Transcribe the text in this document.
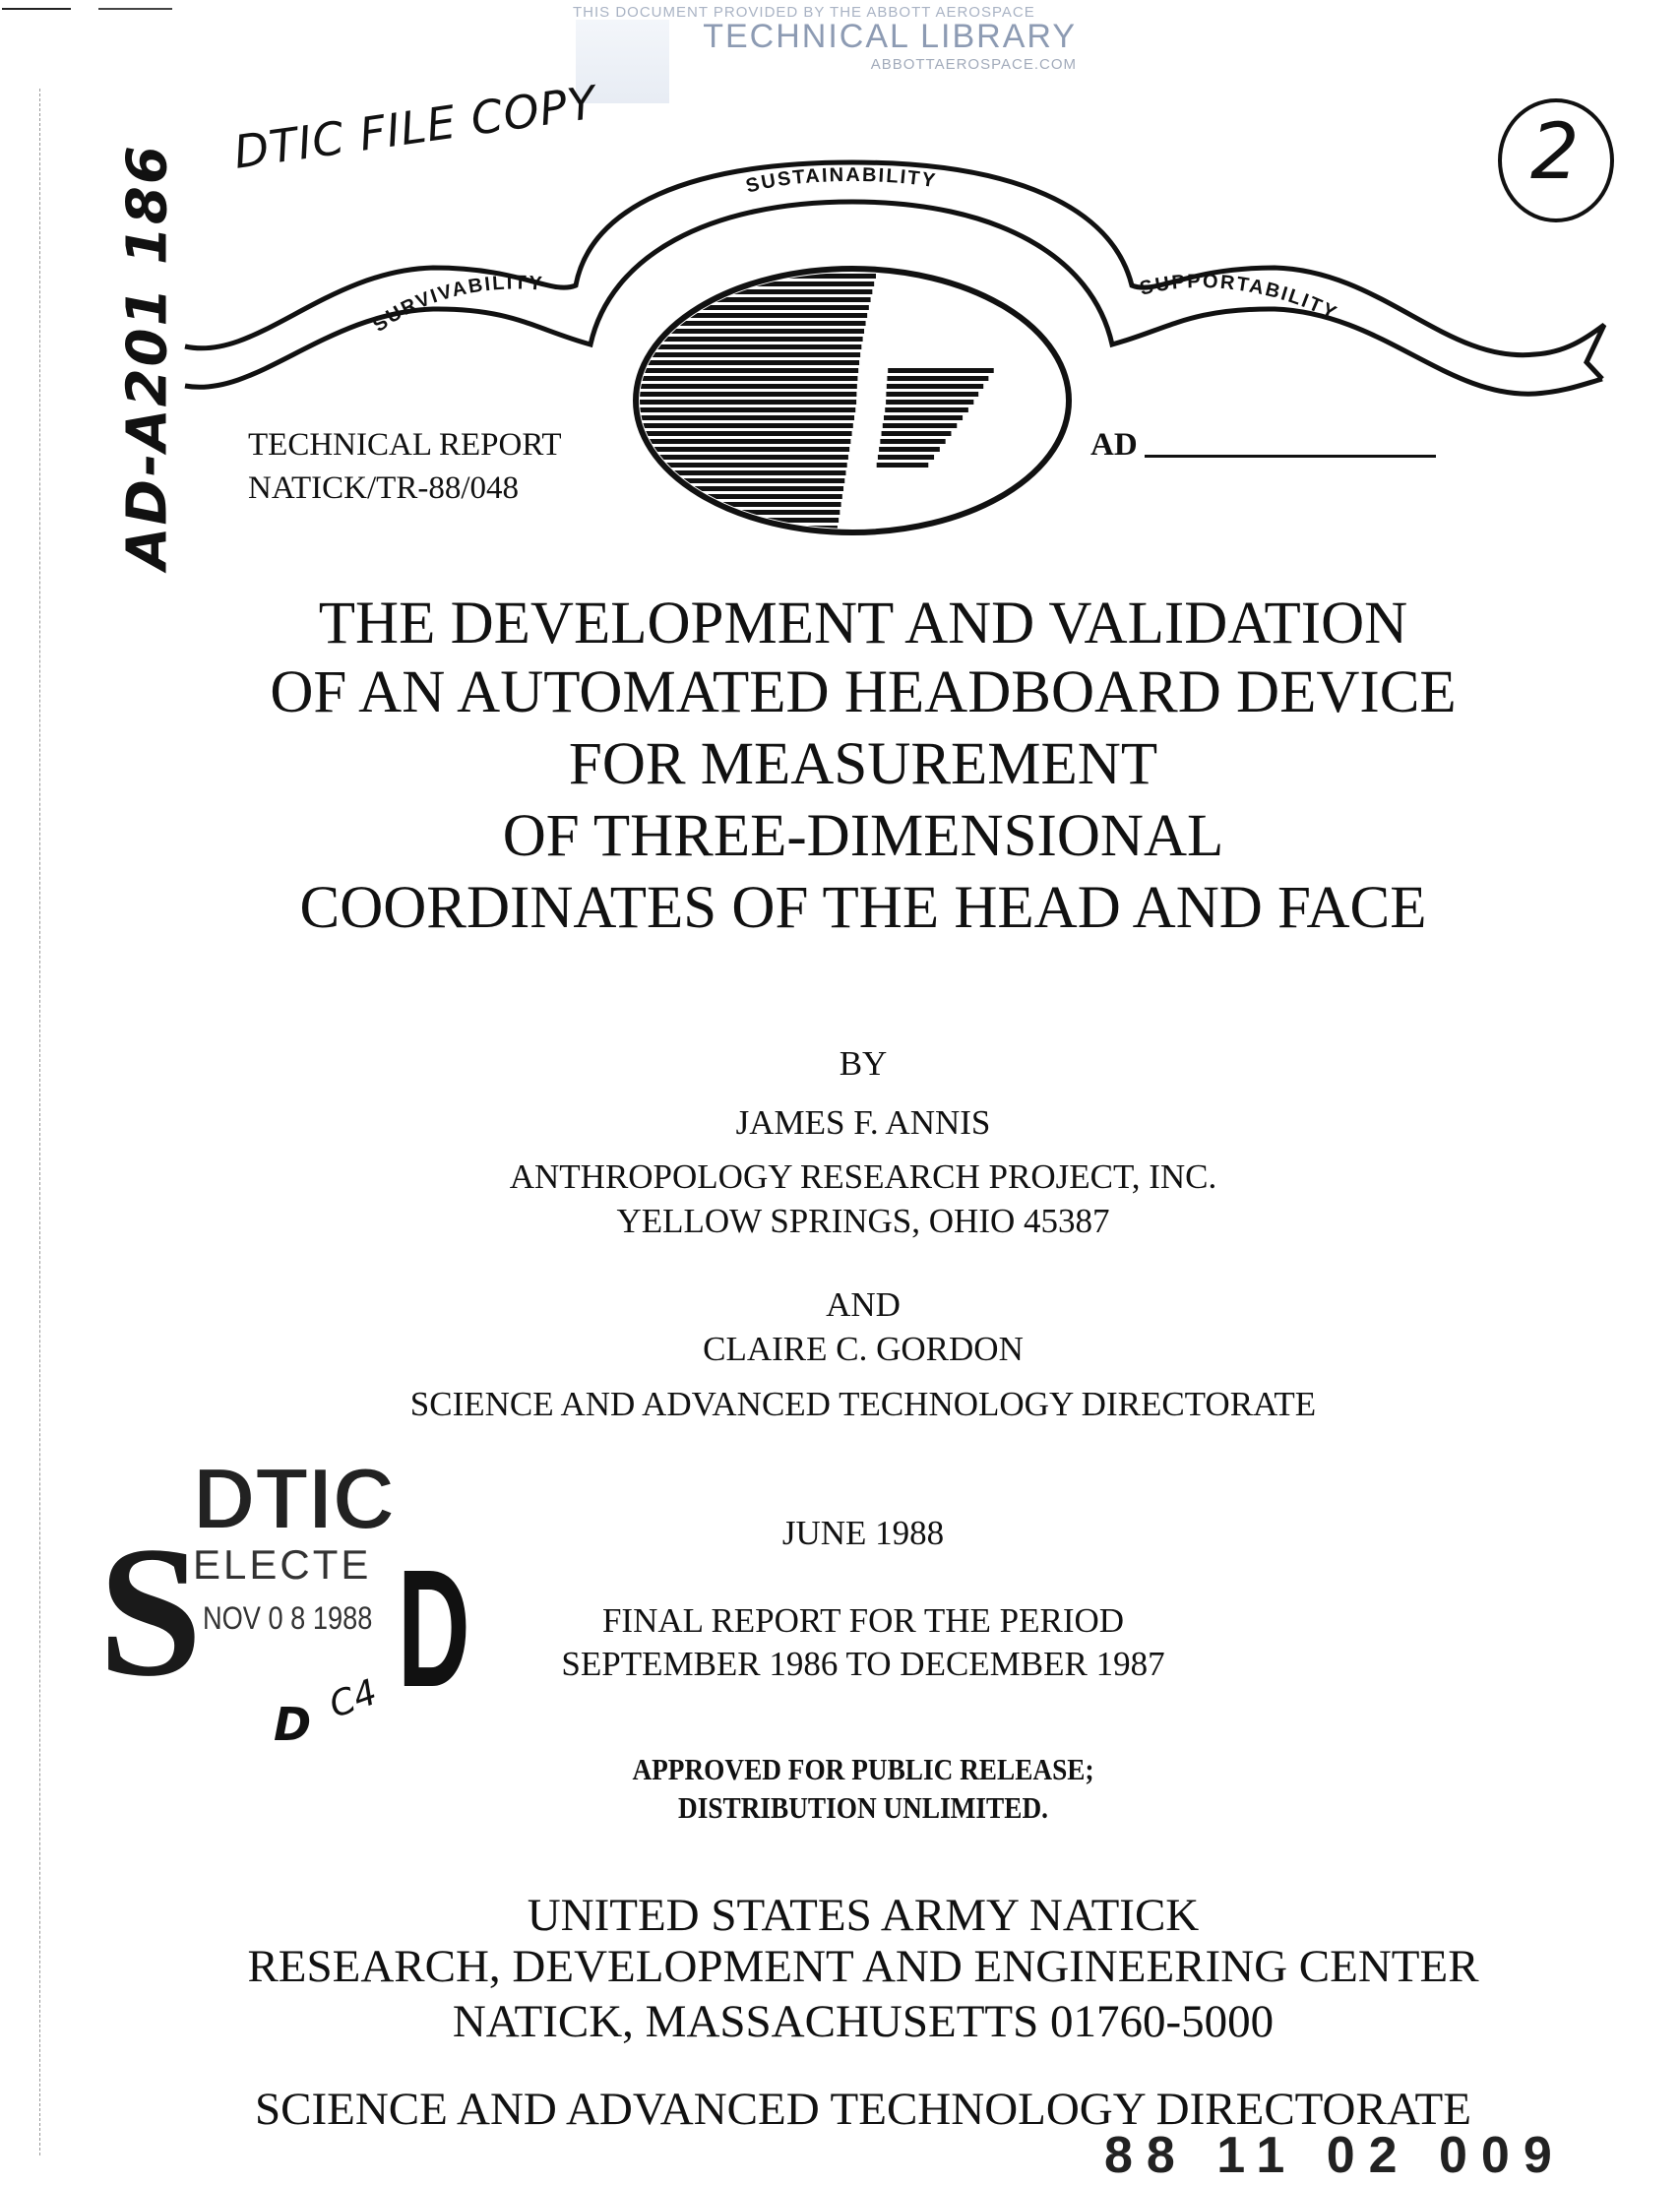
THIS DOCUMENT PROVIDED BY THE ABBOTT AEROSPACE
TECHNICAL LIBRARY
ABBOTTAEROSPACE.COM
AD-A201 186
DTIC FILE COPY	2
SURVIVABILITY
SUSTAINABILITY
SUPPORTABILITY
TECHNICAL REPORT
NATICK/TR-88/048
AD
THE DEVELOPMENT AND VALIDATION
OF AN AUTOMATED HEADBOARD DEVICE
FOR MEASUREMENT
OF THREE-DIMENSIONAL
COORDINATES OF THE HEAD AND FACE
BY
JAMES F. ANNIS
ANTHROPOLOGY RESEARCH PROJECT, INC.
YELLOW SPRINGS, OHIO 45387
AND
CLAIRE C. GORDON
SCIENCE AND ADVANCED TECHNOLOGY DIRECTORATE
DTIC
S
ELECTE
NOV 0 8 1988 D
D C4
JUNE 1988
FINAL REPORT FOR THE PERIOD
SEPTEMBER 1986 TO DECEMBER 1987
APPROVED FOR PUBLIC RELEASE;
DISTRIBUTION UNLIMITED.
UNITED STATES ARMY NATICK
RESEARCH, DEVELOPMENT AND ENGINEERING CENTER
NATICK, MASSACHUSETTS 01760-5000
SCIENCE AND ADVANCED TECHNOLOGY DIRECTORATE
88 11 02 009
